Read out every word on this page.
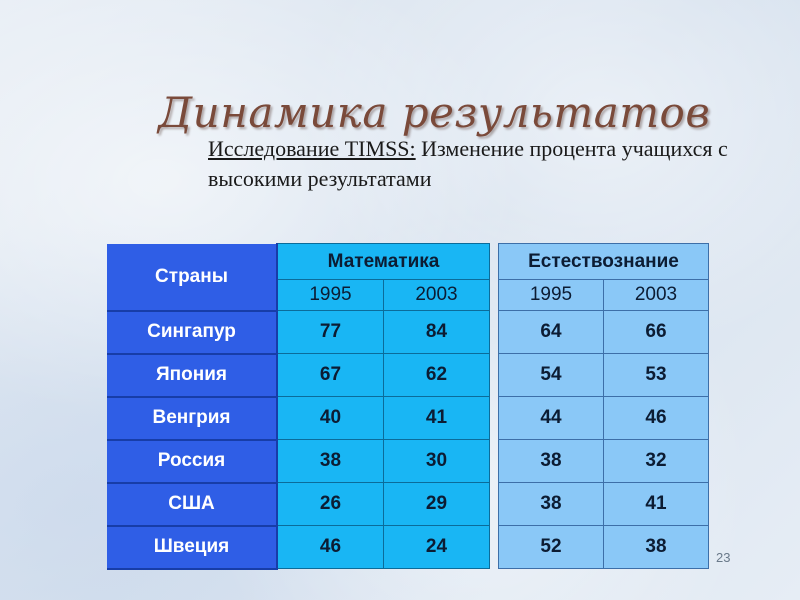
Динамика результатов
Исследование TIMSS: Изменение процента учащихся с высокими результатами
Страны	Математика			Естествознание	
	1995	2003		1995	2003
Сингапур	77	84		64	66
Япония	67	62		54	53
Венгрия	40	41		44	46
Россия	38	30		38	32
США	26	29		38	41
Швеция	46	24		52	38
23
